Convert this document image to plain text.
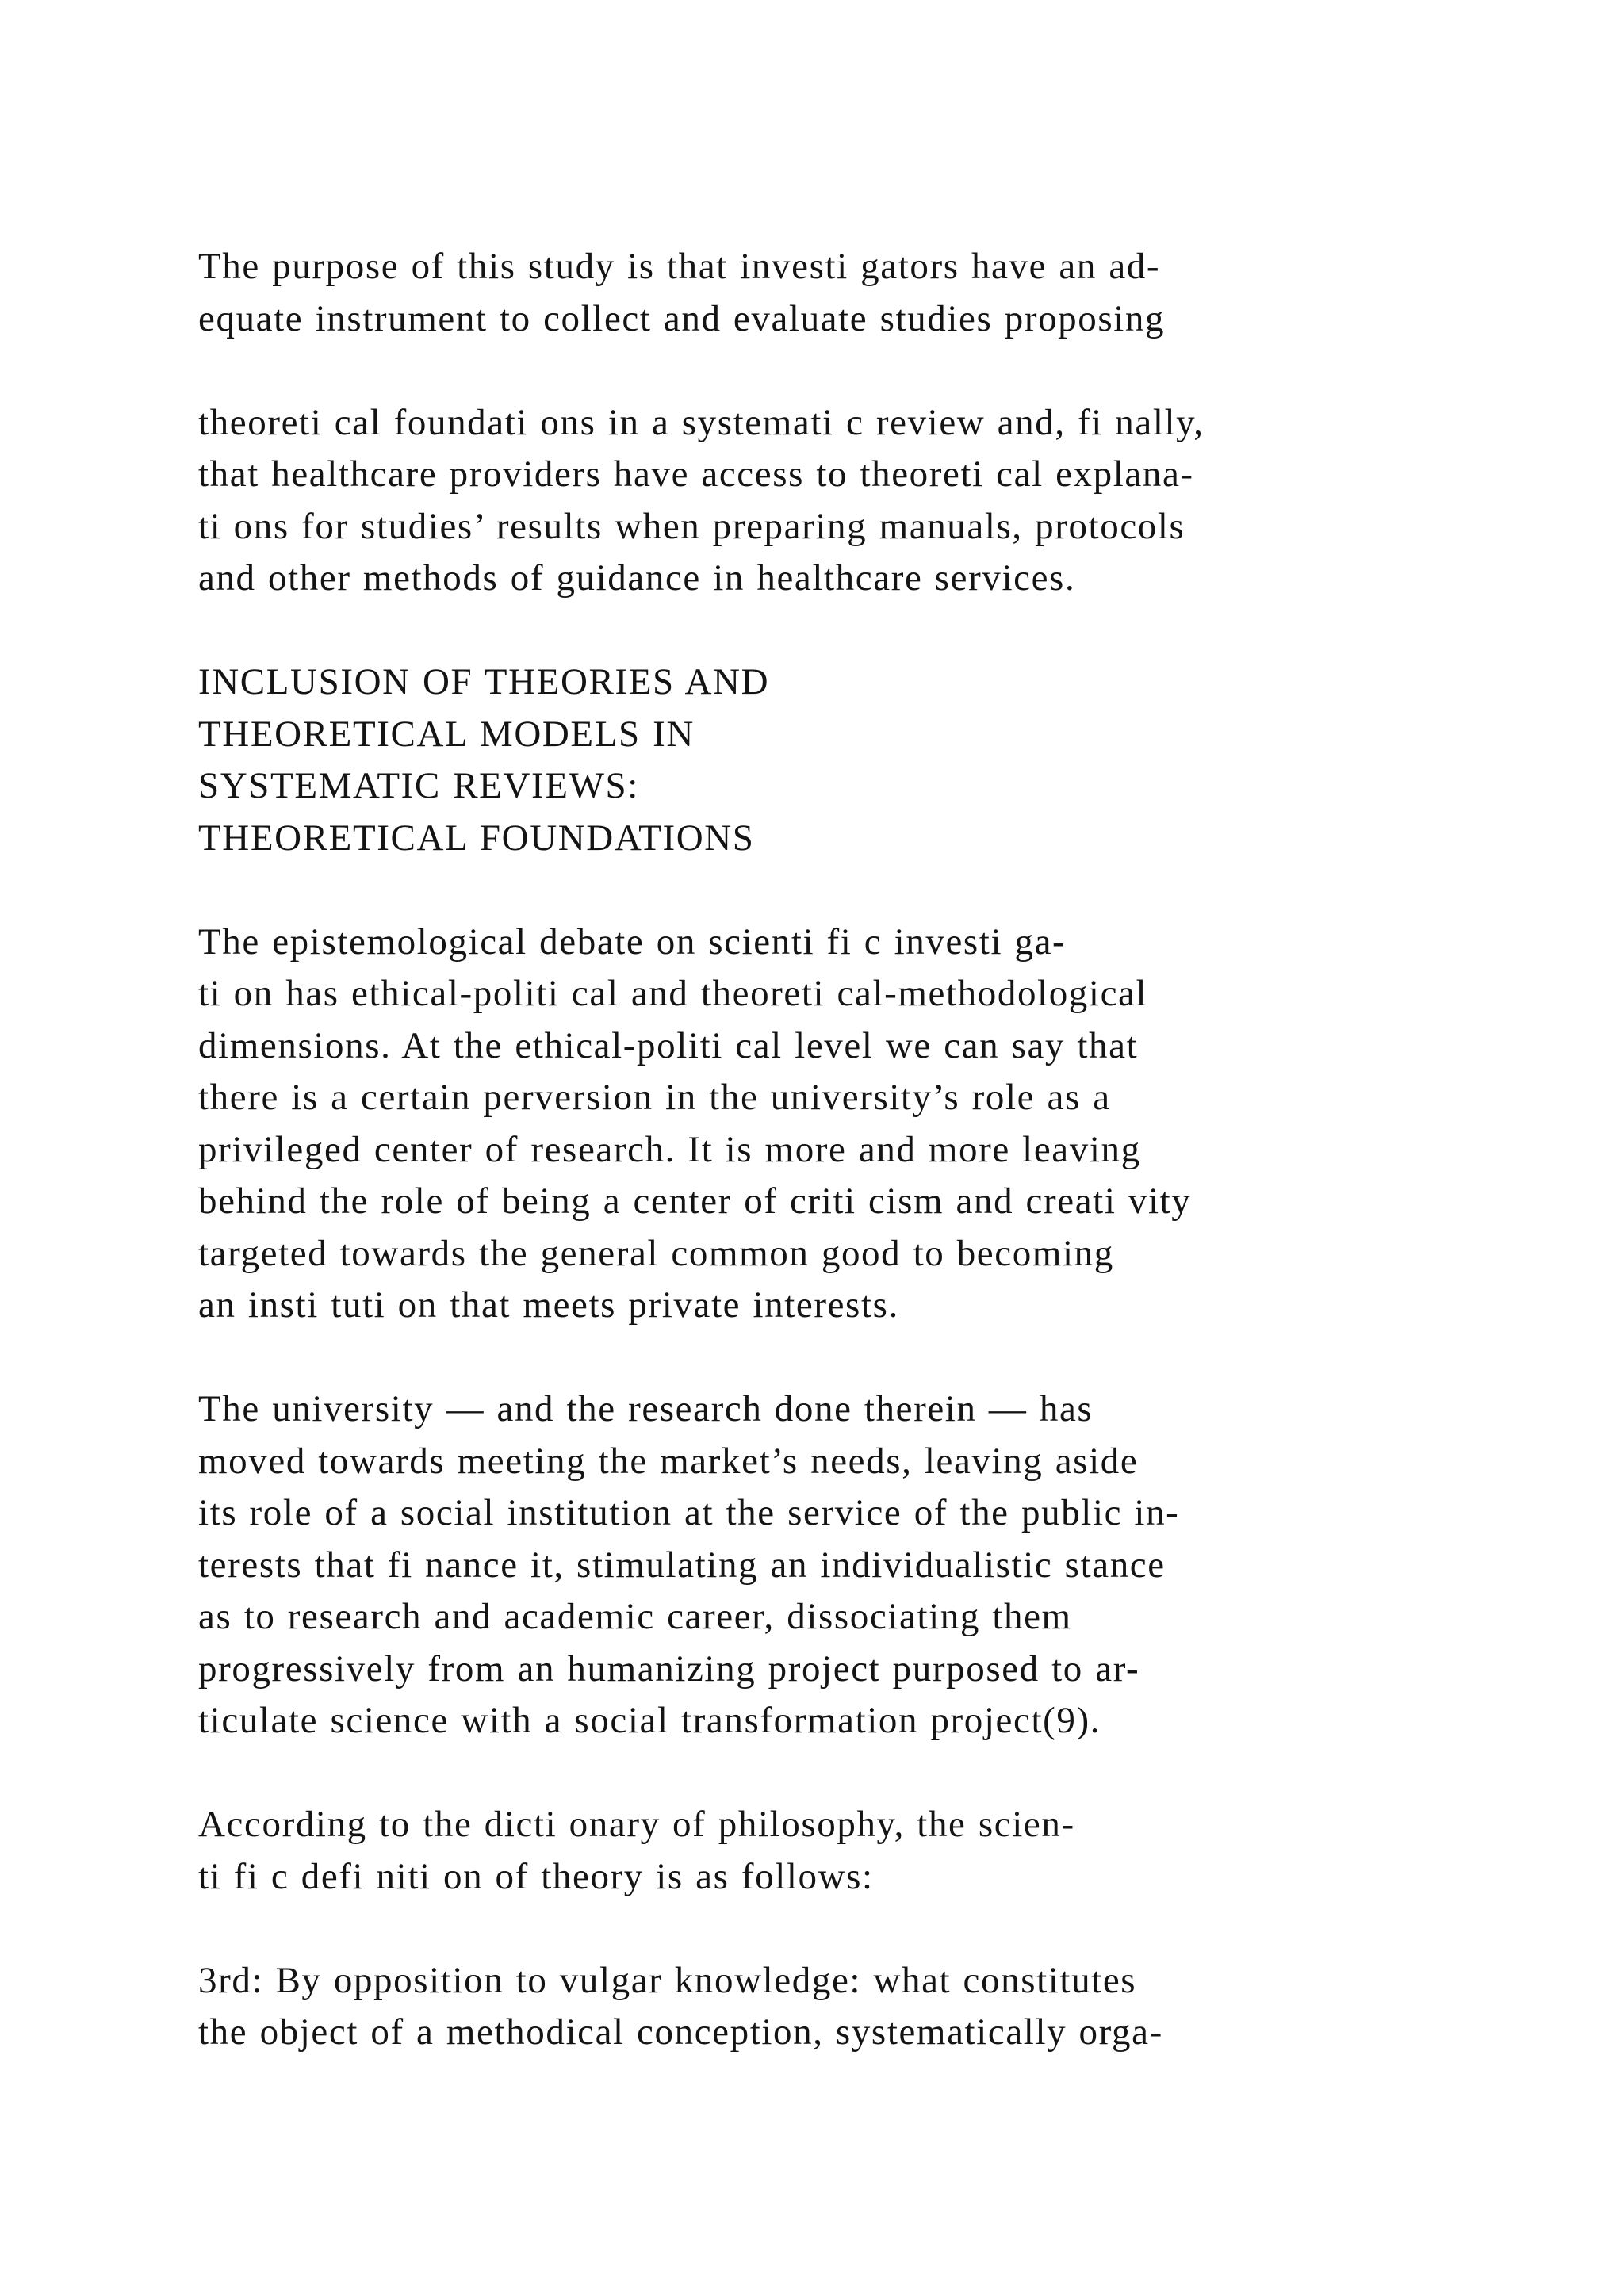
The purpose of this study is that investi gators have an ad-
equate instrument to collect and evaluate studies proposing

theoreti cal foundati ons in a systemati c review and, fi nally,
that healthcare providers have access to theoreti cal explana-
ti ons for studies’ results when preparing manuals, protocols
and other methods of guidance in healthcare services.

INCLUSION OF THEORIES AND
THEORETICAL MODELS IN
SYSTEMATIC REVIEWS:
THEORETICAL FOUNDATIONS

The epistemological debate on scienti fi c investi ga-
ti on has ethical-politi cal and theoreti cal-methodological
dimensions. At the ethical-politi cal level we can say that
there is a certain perversion in the university’s role as a
privileged center of research. It is more and more leaving
behind the role of being a center of criti cism and creati vity
targeted towards the general common good to becoming
an insti tuti on that meets private interests.

The university — and the research done therein — has
moved towards meeting the market’s needs, leaving aside
its role of a social institution at the service of the public in-
terests that fi nance it, stimulating an individualistic stance
as to research and academic career, dissociating them
progressively from an humanizing project purposed to ar-
ticulate science with a social transformation project(9).

According to the dicti onary of philosophy, the scien-
ti fi c defi niti on of theory is as follows:

3rd: By opposition to vulgar knowledge: what constitutes
the object of a methodical conception, systematically orga-
